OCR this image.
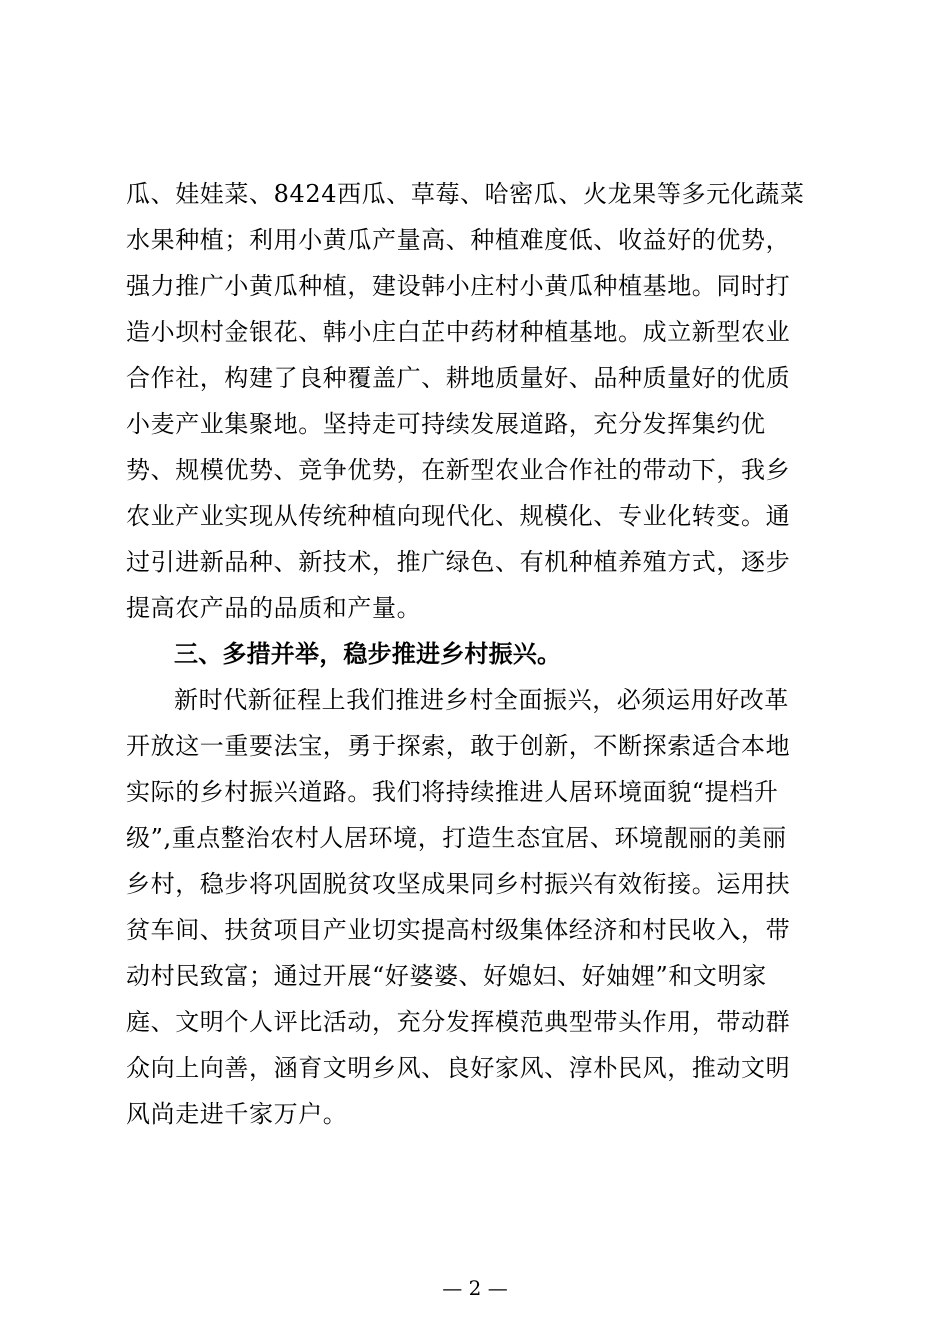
瓜、娃娃菜、8424西瓜、草莓、哈密瓜、火龙果等多元化蔬菜
水果种植；利用小黄瓜产量高、种植难度低、收益好的优势，
强力推广小黄瓜种植，建设韩小庄村小黄瓜种植基地。同时打
造小坝村金银花、韩小庄白芷中药材种植基地。成立新型农业
合作社，构建了良种覆盖广、耕地质量好、品种质量好的优质
小麦产业集聚地。坚持走可持续发展道路，充分发挥集约优
势、规模优势、竞争优势，在新型农业合作社的带动下，我乡
农业产业实现从传统种植向现代化、规模化、专业化转变。通
过引进新品种、新技术，推广绿色、有机种植养殖方式，逐步
提高农产品的品质和产量。
三、多措并举，稳步推进乡村振兴。
新时代新征程上我们推进乡村全面振兴，必须运用好改革
开放这一重要法宝，勇于探索，敢于创新，不断探索适合本地
实际的乡村振兴道路。我们将持续推进人居环境面貌“提档升
级”,重点整治农村人居环境，打造生态宜居、环境靓丽的美丽
乡村，稳步将巩固脱贫攻坚成果同乡村振兴有效衔接。运用扶
贫车间、扶贫项目产业切实提高村级集体经济和村民收入，带
动村民致富；通过开展“好婆婆、好媳妇、好妯娌”和文明家
庭、文明个人评比活动，充分发挥模范典型带头作用，带动群
众向上向善，涵育文明乡风、良好家风、淳朴民风，推动文明
风尚走进千家万户。
— 2 —
